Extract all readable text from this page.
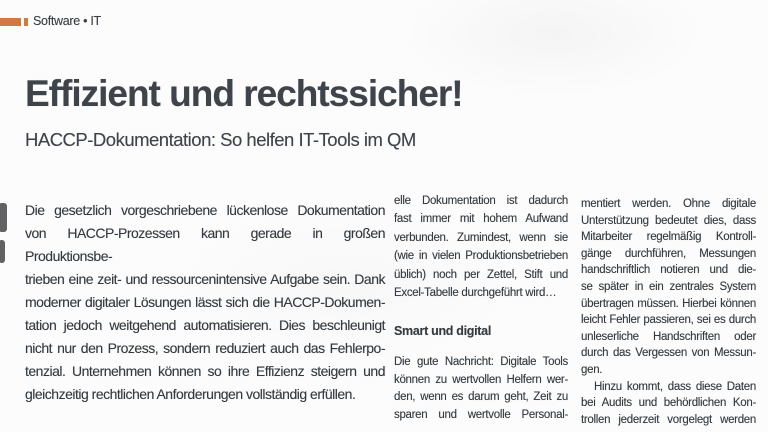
Software • IT
Effizient und rechtssicher!
HACCP-Dokumentation: So helfen IT-Tools im QM
Die gesetzlich vorgeschriebene lückenlose Dokumentation
von HACCP-Prozessen kann gerade in großen Produktionsbe-
trieben eine zeit- und ressourcenintensive Aufgabe sein. Dank
moderner digitaler Lösungen lässt sich die HACCP-Dokumen-
tation jedoch weitgehend automatisieren. Dies beschleunigt
nicht nur den Prozess, sondern reduziert auch das Fehlerpo-
tenzial. Unternehmen können so ihre Effizienz steigern und
gleichzeitig rechtlichen Anforderungen vollständig erfüllen.
elle Dokumentation ist dadurch
fast immer mit hohem Aufwand
verbunden. Zumindest, wenn sie
(wie in vielen Produktionsbetrieben
üblich) noch per Zettel, Stift und
Excel-Tabelle durchgeführt wird…
Smart und digital
Die gute Nachricht: Digitale Tools
können zu wertvollen Helfern wer-
den, wenn es darum geht, Zeit zu
sparen und wertvolle Personal-
mentiert werden. Ohne digitale
Unterstützung bedeutet dies, dass
Mitarbeiter regelmäßig Kontroll-
gänge durchführen, Messungen
handschriftlich notieren und die-
se später in ein zentrales System
übertragen müssen. Hierbei können
leicht Fehler passieren, sei es durch
unleserliche Handschriften oder
durch das Vergessen von Messun-
gen.
Hinzu kommt, dass diese Daten
bei Audits und behördlichen Kon-
trollen jederzeit vorgelegt werden
